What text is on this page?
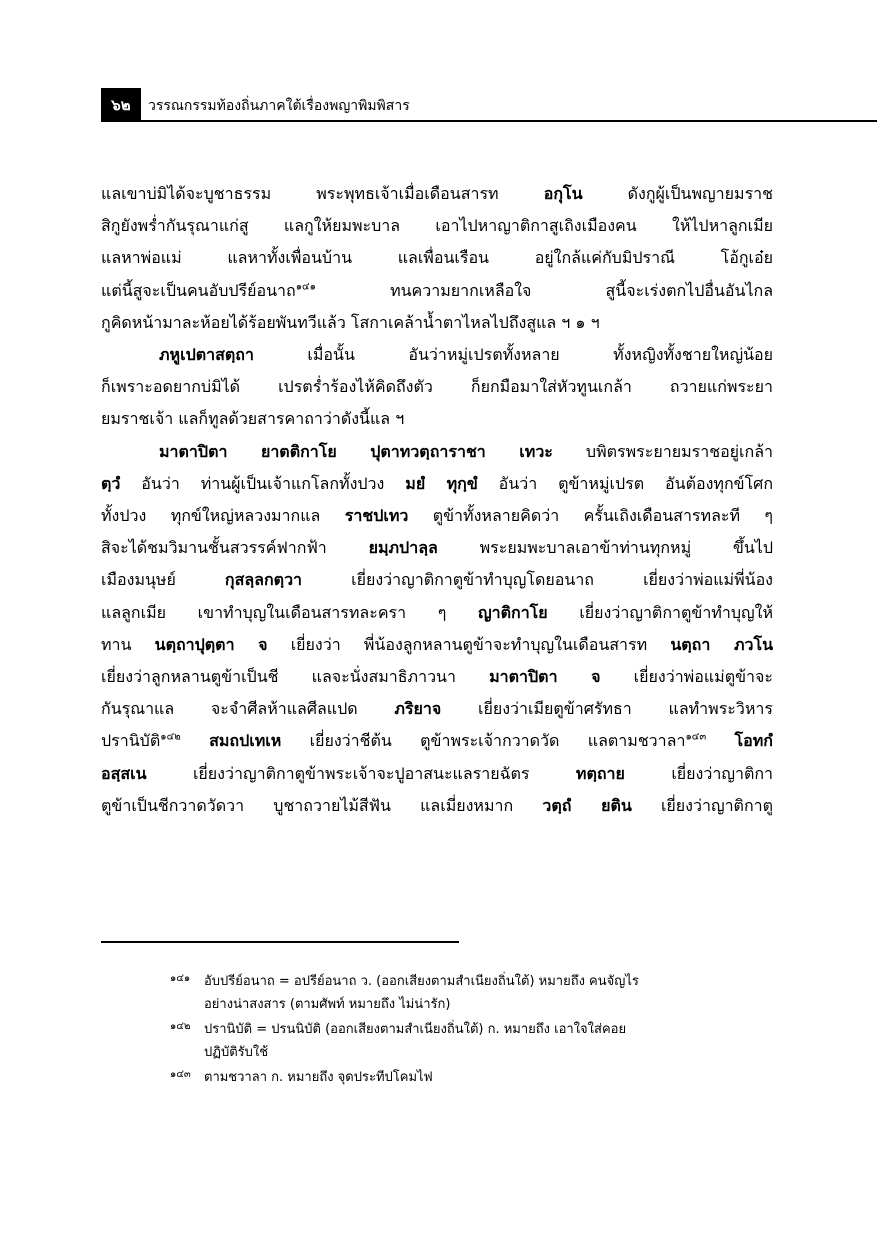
๖๒	วรรณกรรมท้องถิ่นภาคใต้เรื่องพญาพิมพิสาร
แลเขาบ่มิได้จะบูชาธรรม พระพุทธเจ้าเมื่อเดือนสารท อกุโน ดังกูผู้เป็นพญายมราช
สิกูยังพร่ำกันรุณาแก่สู แลกูให้ยมพะบาล เอาไปหาญาติกาสูเถิงเมืองคน ให้ไปหาลูกเมีย
แลหาพ่อแม่ แลหาทั้งเพื่อนบ้าน แลเพื่อนเรือน อยู่ใกล้แค่กับมิปราณี โอ้กูเอ๋ย
แต่นี้สูจะเป็นคนอับปรีย์อนาถ$^{๑๔๑}$ ทนความยากเหลือใจ สูนี้จะเร่งตกไปอื่นอันไกล
กูคิดหน้ามาละห้อยได้ร้อยพันทวีแล้ว โสกาเคล้าน้ำตาไหลไปถึงสูแล ฯ ๑ ฯ
ภหูเปตาสตฺถา เมื่อนั้น อันว่าหมู่เปรตทั้งหลาย ทั้งหญิงทั้งชายใหญ่น้อย
ก็เพราะอดยากบ่มิได้ เปรตร่ำร้องไห้คิดถึงตัว ก็ยกมือมาใส่หัวทูนเกล้า ถวายแก่พระยา
ยมราชเจ้า แลก็ทูลด้วยสารคาถาว่าดังนี้แล ฯ
มาตาปิตา ยาตติกาโย ปุตาทวตฺถาราชา เทวะ บพิตรพระยายมราชอยู่เกล้า
ตฺวํ อันว่า ท่านผู้เป็นเจ้าแกโลกทั้งปวง มยํ ทุกฺขํ อันว่า ตูข้าหมู่เปรต อันต้องทุกข์โศก
ทั้งปวง ทุกข์ใหญ่หลวงมากแล ราชปเทว ตูข้าทั้งหลายคิดว่า ครั้นเถิงเดือนสารทละที ๆ
สิจะได้ชมวิมานชั้นสวรรค์ฟากฟ้า ยมฺภปาลฺล พระยมพะบาลเอาข้าท่านทุกหมู่ ขึ้นไป
เมืองมนุษย์ กุสลฺลกตฺวา เยี่ยงว่าญาติกาตูข้าทำบุญโดยอนาถ เยี่ยงว่าพ่อแม่พี่น้อง
แลลูกเมีย เขาทำบุญในเดือนสารทละครา ๆ ญาติกาโย เยี่ยงว่าญาติกาตูข้าทำบุญให้
ทาน นตฺถาปุตฺตา จ เยี่ยงว่า พี่น้องลูกหลานตูข้าจะทำบุญในเดือนสารท นตฺถา ภวโน
เยี่ยงว่าลูกหลานตูข้าเป็นชี แลจะนั่งสมาธิภาวนา มาตาปิตา จ เยี่ยงว่าพ่อแม่ตูข้าจะ
กันรุณาแล จะจำศีลห้าแลศีลแปด ภริยาจ เยี่ยงว่าเมียตูข้าศรัทธา แลทำพระวิหาร
ปรานิบัติ$^{๑๔๒}$ สมถปเทเห เยี่ยงว่าชีต้น ตูข้าพระเจ้ากวาดวัด แลตามชวาลา$^{๑๔๓}$ โอทกํ
อสฺสเน เยี่ยงว่าญาติกาตูข้าพระเจ้าจะปูอาสนะแลรายฉัตร ทตฺถาย เยี่ยงว่าญาติกา
ตูข้าเป็นชีกวาดวัดวา บูชาถวายไม้สีฟัน แลเมี่ยงหมาก วตฺถํ ยติน เยี่ยงว่าญาติกาตู
๑๔๑ อับปรีย์อนาถ = อปรีย์อนาถ ว. (ออกเสียงตามสำเนียงถิ่นใต้) หมายถึง คนจัญไร
อย่างน่าสงสาร (ตามศัพท์ หมายถึง ไม่น่ารัก)
๑๔๒ ปรานิบัติ = ปรนนิบัติ (ออกเสียงตามสำเนียงถิ่นใต้) ก. หมายถึง เอาใจใส่คอย
ปฏิบัติรับใช้
๑๔๓ ตามชวาลา ก. หมายถึง จุดประทีปโคมไฟ
